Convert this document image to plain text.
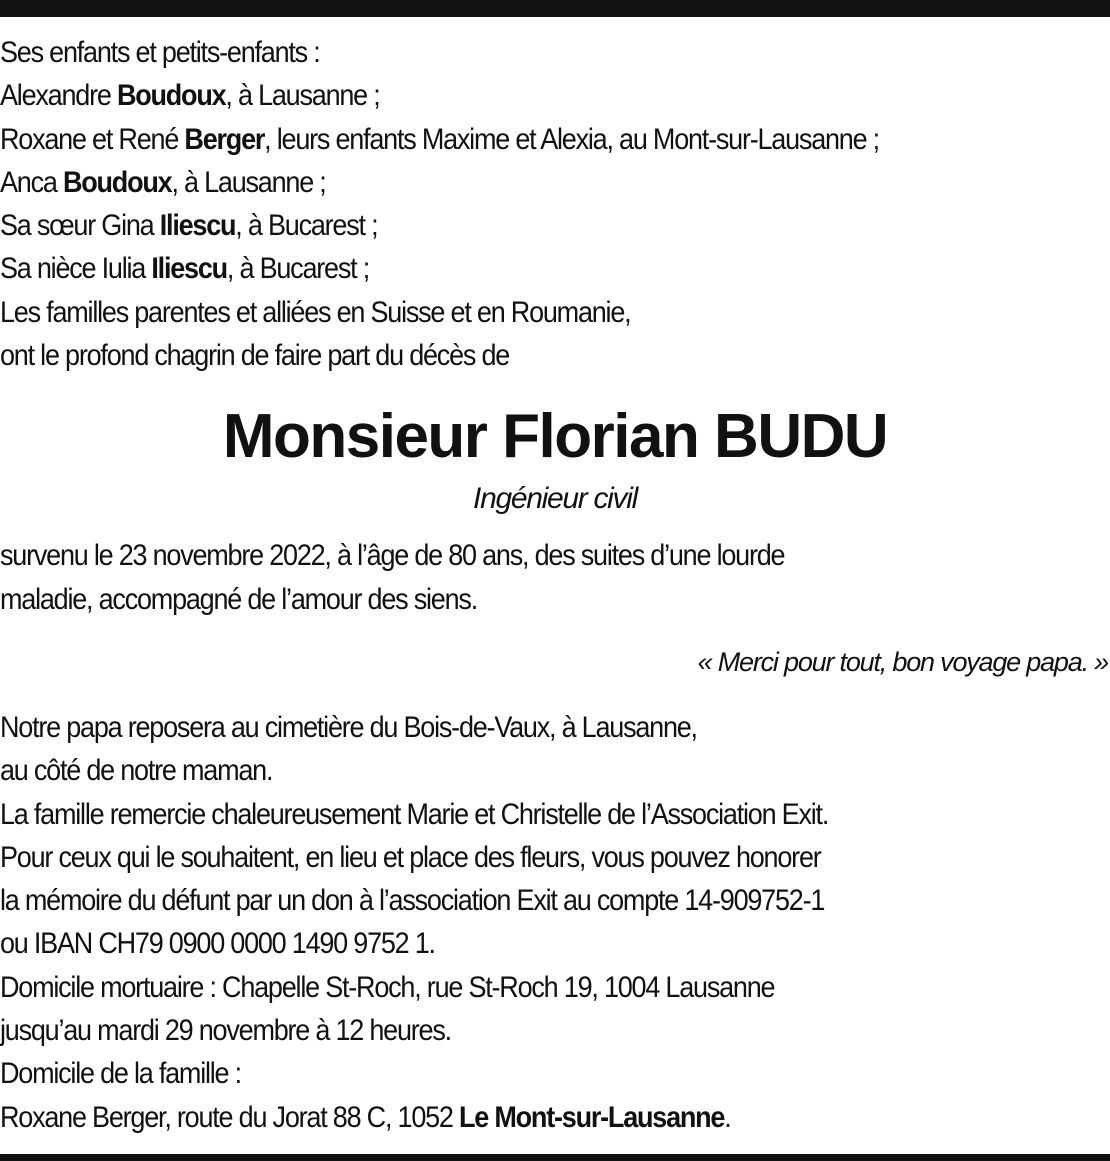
Ses enfants et petits-enfants :
Alexandre Boudoux, à Lausanne ;
Roxane et René Berger, leurs enfants Maxime et Alexia, au Mont-sur-Lausanne ;
Anca Boudoux, à Lausanne ;
Sa sœur Gina Iliescu, à Bucarest ;
Sa nièce Iulia Iliescu, à Bucarest ;
Les familles parentes et alliées en Suisse et en Roumanie,
ont le profond chagrin de faire part du décès de
Monsieur Florian BUDU
Ingénieur civil
survenu le 23 novembre 2022, à l’âge de 80 ans, des suites d’une lourde
maladie, accompagné de l’amour des siens.
« Merci pour tout, bon voyage papa. »
Notre papa reposera au cimetière du Bois-de-Vaux, à Lausanne,
au côté de notre maman.
La famille remercie chaleureusement Marie et Christelle de l’Association Exit.
Pour ceux qui le souhaitent, en lieu et place des fleurs, vous pouvez honorer
la mémoire du défunt par un don à l’association Exit au compte 14-909752-1
ou IBAN CH79 0900 0000 1490 9752 1.
Domicile mortuaire : Chapelle St-Roch, rue St-Roch 19, 1004 Lausanne
jusqu’au mardi 29 novembre à 12 heures.
Domicile de la famille :
Roxane Berger, route du Jorat 88 C, 1052 Le Mont-sur-Lausanne.
